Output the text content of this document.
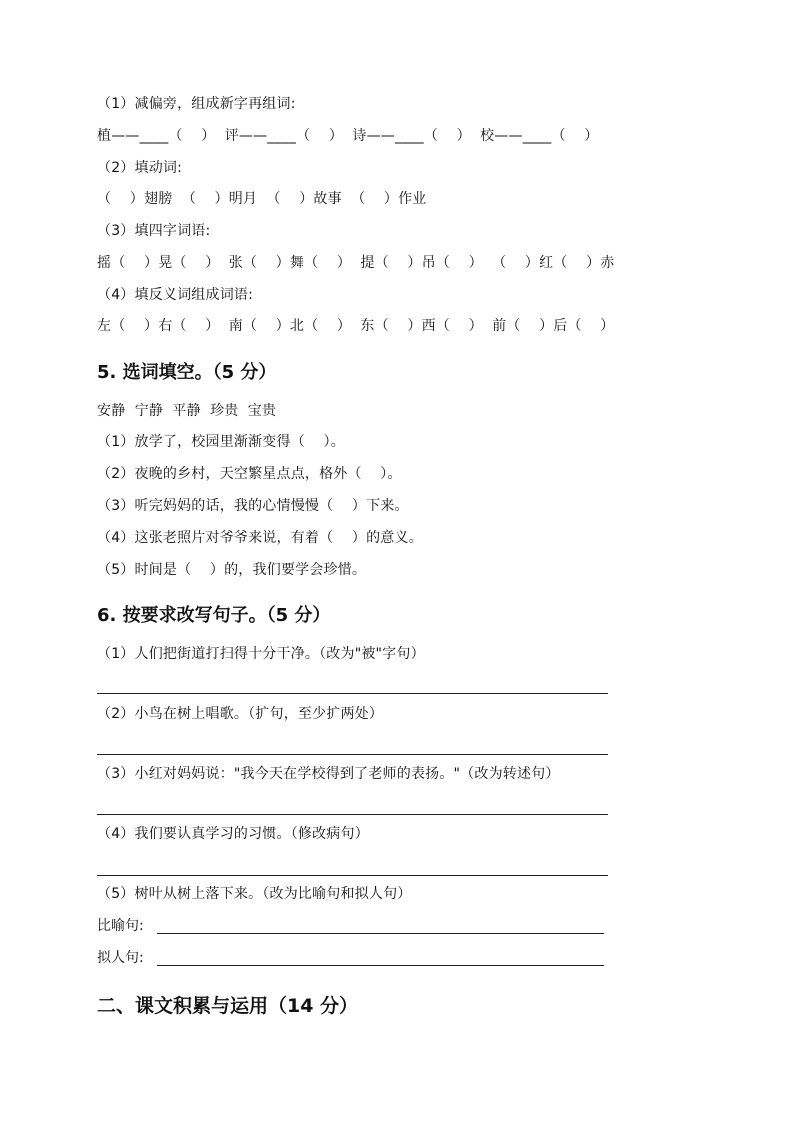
（1）减偏旁，组成新字再组词:
植——____（    ）  评——____（    ）  诗——____（    ）  校——____（    ）
（2）填动词:
（    ）翅膀  （    ）明月  （    ）故事  （    ）作业
（3）填四字词语:
摇（    ）晃（    ）  张（    ）舞（    ）  提（    ）吊（    ）  （    ）红（    ）赤
（4）填反义词组成词语:
左（    ）右（    ）  南（    ）北（    ）  东（    ）西（    ）  前（    ）后（    ）
5. 选词填空。（5 分）
安静  宁静  平静  珍贵  宝贵
（1）放学了，校园里渐渐变得（    ）。
（2）夜晚的乡村，天空繁星点点，格外（    ）。
（3）听完妈妈的话，我的心情慢慢（    ）下来。
（4）这张老照片对爷爷来说，有着（    ）的意义。
（5）时间是（    ）的，我们要学会珍惜。
6. 按要求改写句子。（5 分）
（1）人们把街道打扫得十分干净。（改为"被"字句）
（2）小鸟在树上唱歌。（扩句，至少扩两处）
（3）小红对妈妈说："我今天在学校得到了老师的表扬。"（改为转述句）
（4）我们要认真学习的习惯。（修改病句）
（5）树叶从树上落下来。（改为比喻句和拟人句）
比喻句:
拟人句:
二、课文积累与运用（14 分）
